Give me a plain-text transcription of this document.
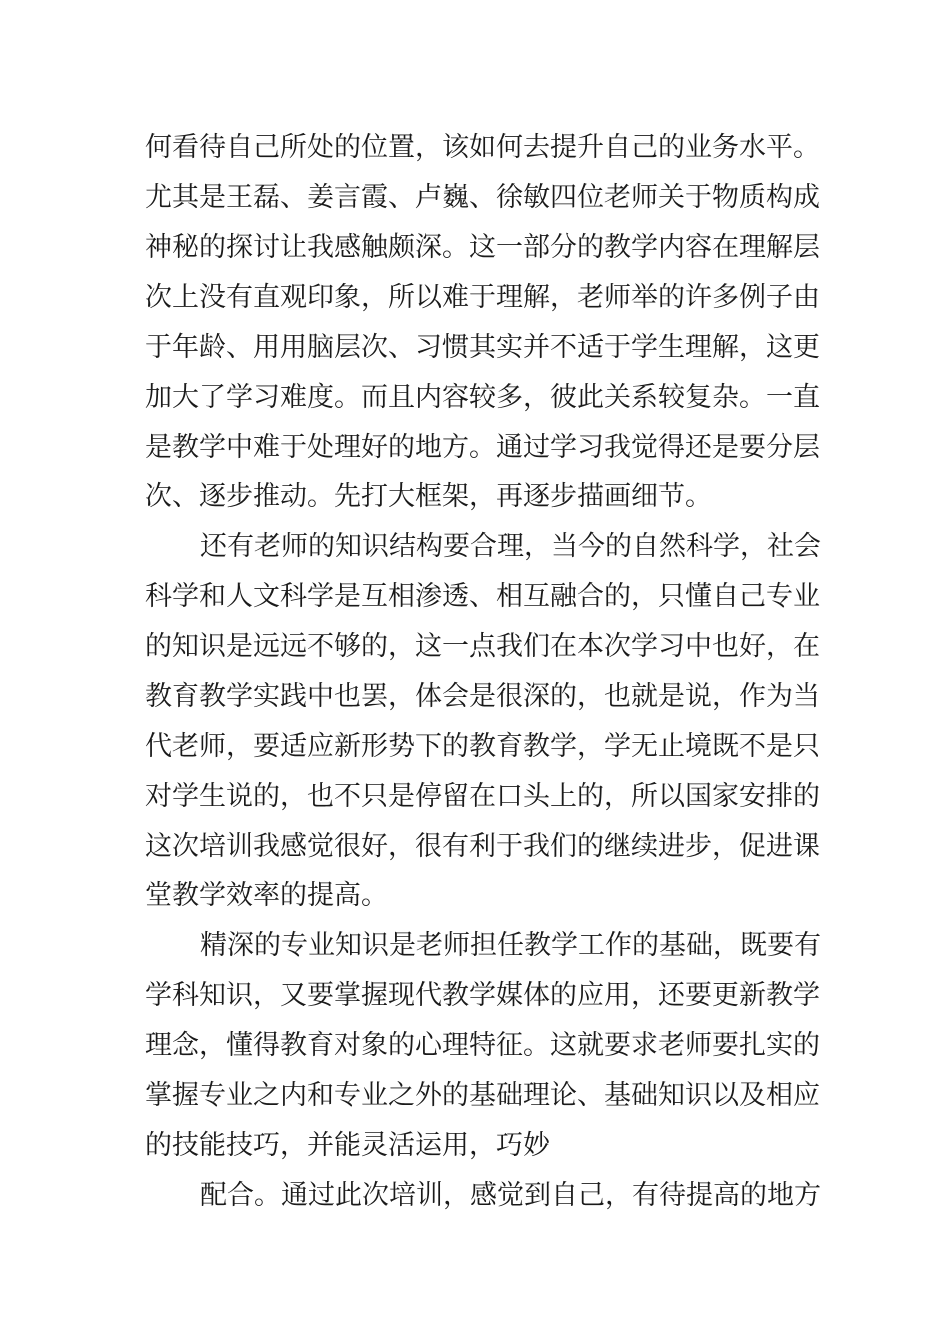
何看待自己所处的位置，该如何去提升自己的业务水平。
尤其是王磊、姜言霞、卢巍、徐敏四位老师关于物质构成
神秘的探讨让我感触颇深。这一部分的教学内容在理解层
次上没有直观印象，所以难于理解，老师举的许多例子由
于年龄、用用脑层次、习惯其实并不适于学生理解，这更
加大了学习难度。而且内容较多，彼此关系较复杂。一直
是教学中难于处理好的地方。通过学习我觉得还是要分层
次、逐步推动。先打大框架，再逐步描画细节。
还有老师的知识结构要合理，当今的自然科学，社会
科学和人文科学是互相渗透、相互融合的，只懂自己专业
的知识是远远不够的，这一点我们在本次学习中也好，在
教育教学实践中也罢，体会是很深的，也就是说，作为当
代老师，要适应新形势下的教育教学，学无止境既不是只
对学生说的，也不只是停留在口头上的，所以国家安排的
这次培训我感觉很好，很有利于我们的继续进步，促进课
堂教学效率的提高。
精深的专业知识是老师担任教学工作的基础，既要有
学科知识，又要掌握现代教学媒体的应用，还要更新教学
理念，懂得教育对象的心理特征。这就要求老师要扎实的
掌握专业之内和专业之外的基础理论、基础知识以及相应
的技能技巧，并能灵活运用，巧妙
配合。通过此次培训，感觉到自己，有待提高的地方
